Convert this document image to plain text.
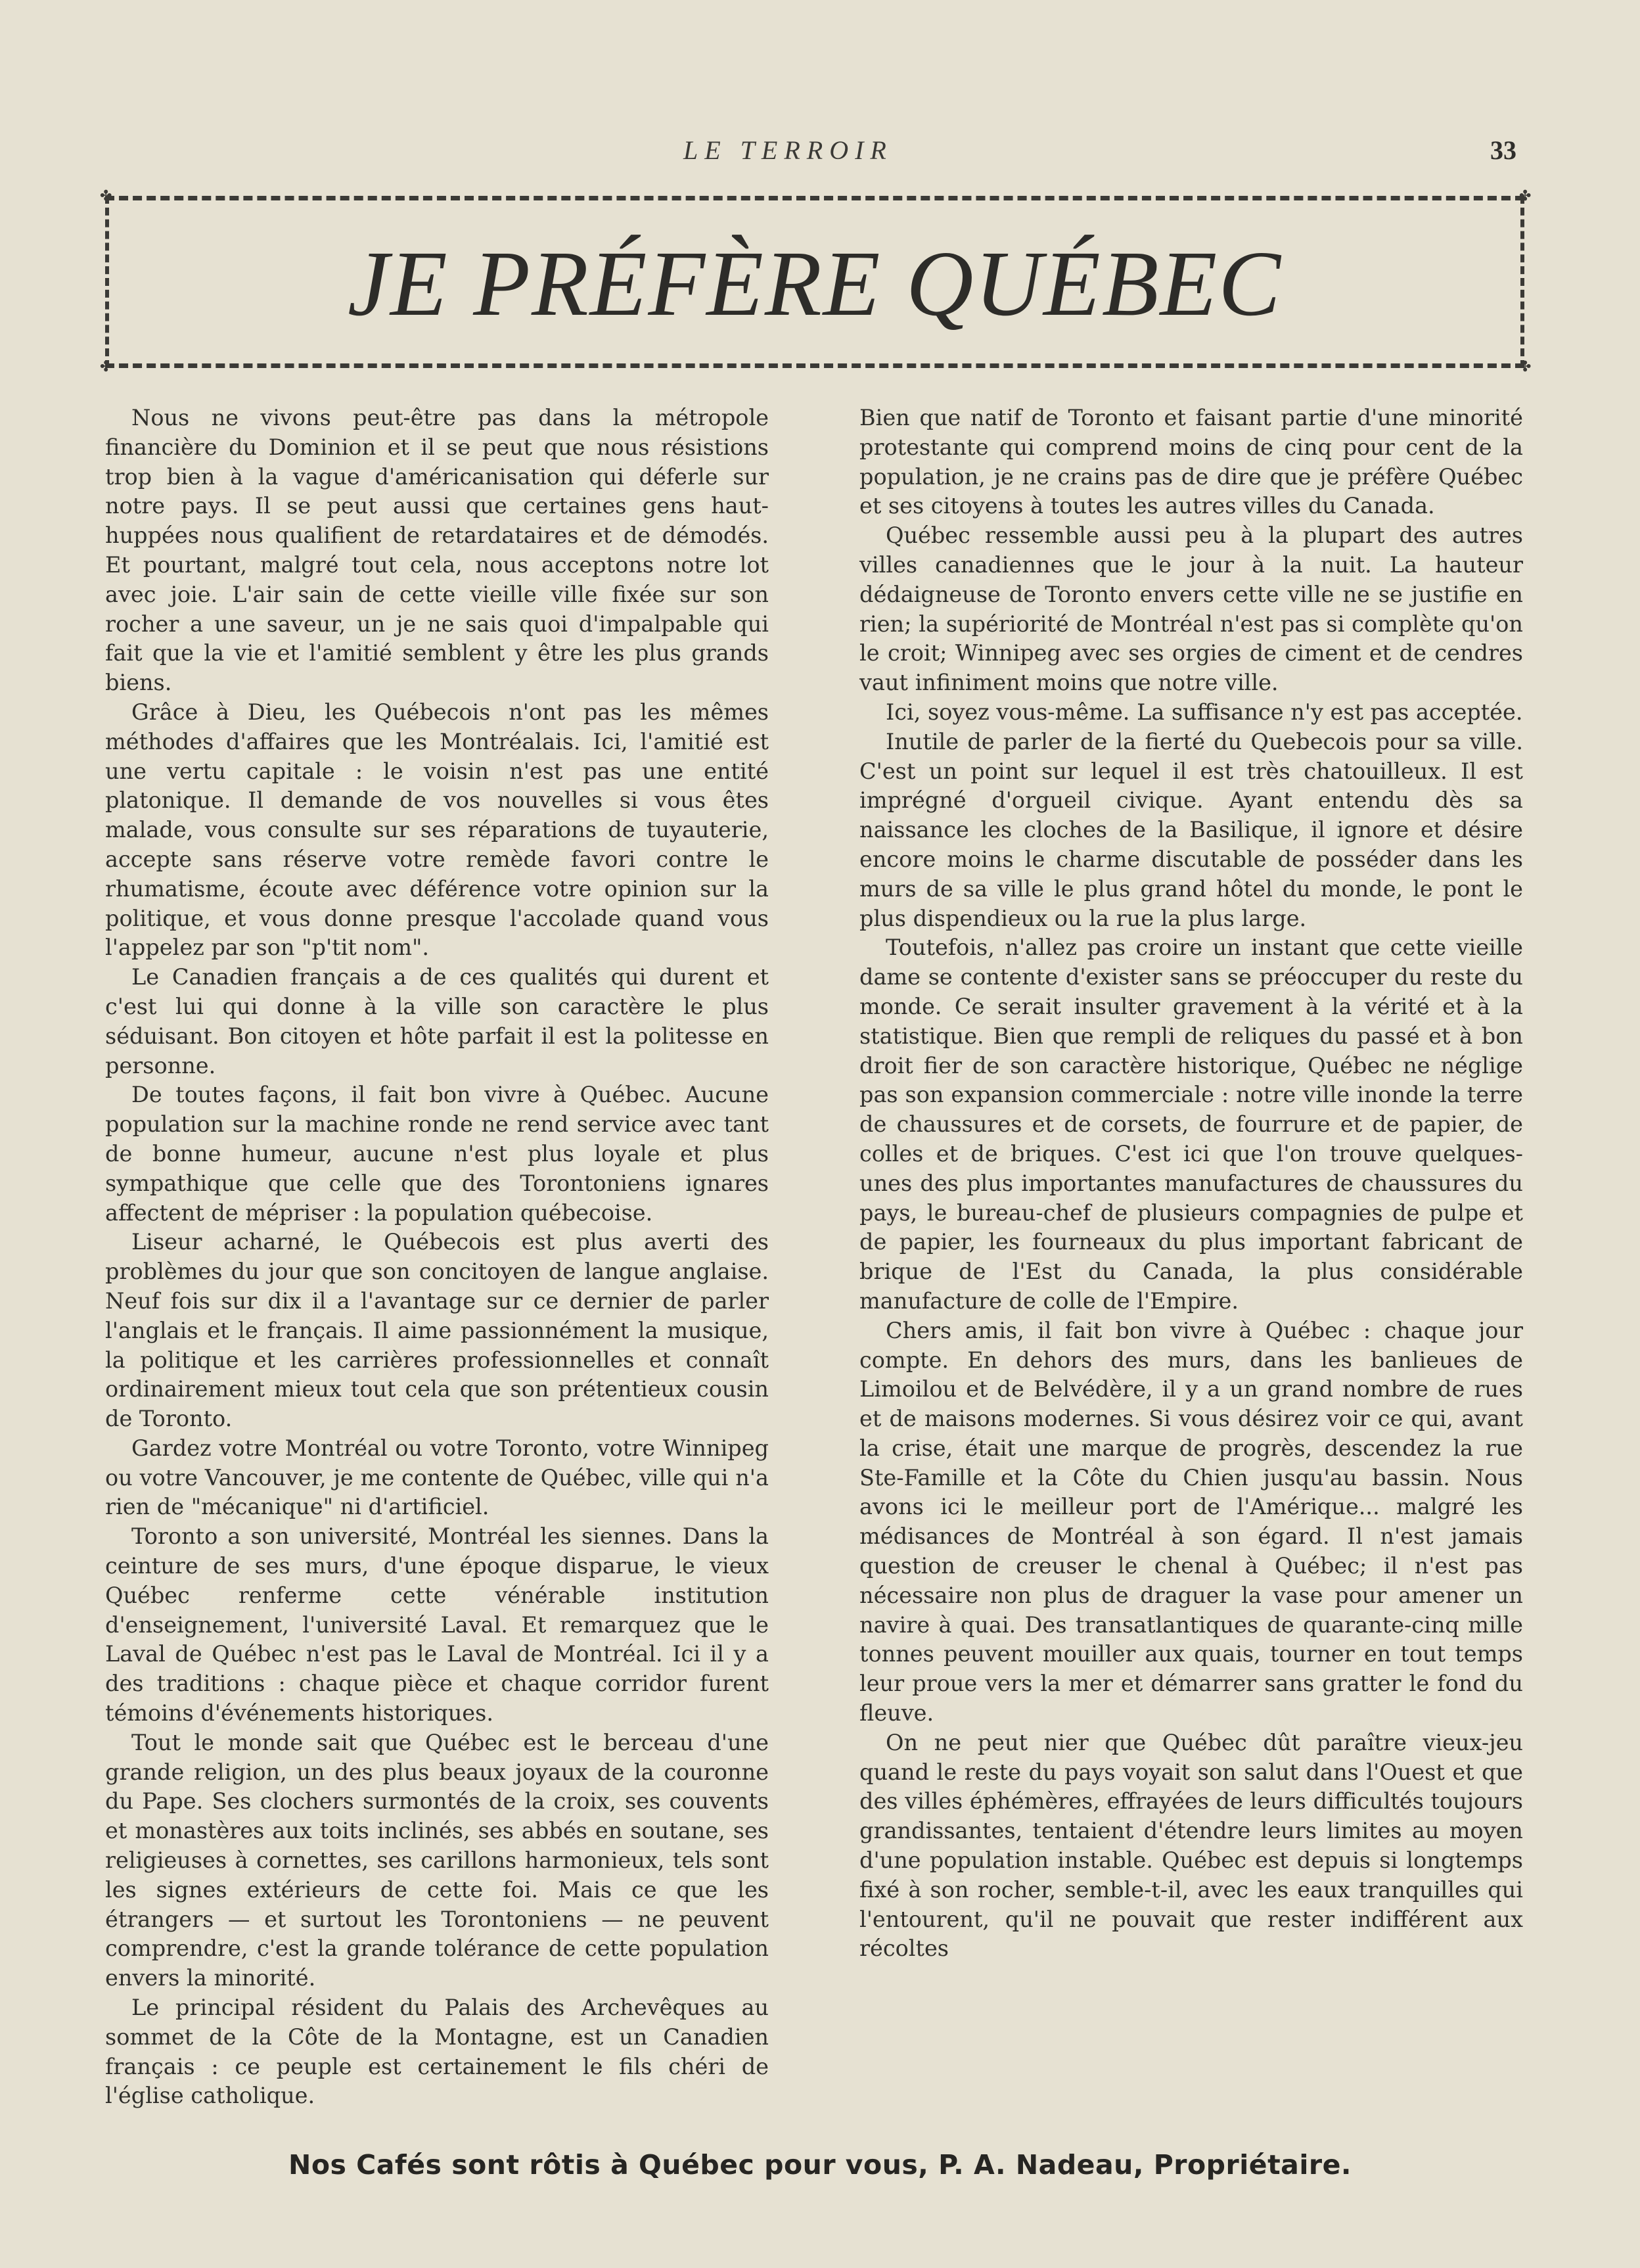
LE TERROIR	33
✤	✤
✤	✤
JE PRÉFÈRE QUÉBEC

Nous ne vivons peut-être pas dans la métropole financière du Dominion et il se peut que nous résistions trop bien à la vague d'américanisation qui déferle sur notre pays. Il se peut aussi que certaines gens haut-huppées nous qualifient de retardataires et de démodés. Et pourtant, malgré tout cela, nous acceptons notre lot avec joie. L'air sain de cette vieille ville fixée sur son rocher a une saveur, un je ne sais quoi d'impalpable qui fait que la vie et l'amitié semblent y être les plus grands biens.

Grâce à Dieu, les Québecois n'ont pas les mêmes méthodes d'affaires que les Montréalais. Ici, l'amitié est une vertu capitale : le voisin n'est pas une entité platonique. Il demande de vos nouvelles si vous êtes malade, vous consulte sur ses réparations de tuyauterie, accepte sans réserve votre remède favori contre le rhumatisme, écoute avec déférence votre opinion sur la politique, et vous donne presque l'accolade quand vous l'appelez par son "p'tit nom".

Le Canadien français a de ces qualités qui durent et c'est lui qui donne à la ville son caractère le plus séduisant. Bon citoyen et hôte parfait il est la politesse en personne.

De toutes façons, il fait bon vivre à Québec. Aucune population sur la machine ronde ne rend service avec tant de bonne humeur, aucune n'est plus loyale et plus sympathique que celle que des Torontoniens ignares affectent de mépriser : la population québecoise.

Liseur acharné, le Québecois est plus averti des problèmes du jour que son concitoyen de langue anglaise. Neuf fois sur dix il a l'avantage sur ce dernier de parler l'anglais et le français. Il aime passionnément la musique, la politique et les carrières professionnelles et connaît ordinairement mieux tout cela que son prétentieux cousin de Toronto.

Gardez votre Montréal ou votre Toronto, votre Winnipeg ou votre Vancouver, je me contente de Québec, ville qui n'a rien de "mécanique" ni d'artificiel.

Toronto a son université, Montréal les siennes. Dans la ceinture de ses murs, d'une époque disparue, le vieux Québec renferme cette vénérable institution d'enseignement, l'université Laval. Et remarquez que le Laval de Québec n'est pas le Laval de Montréal. Ici il y a des traditions : chaque pièce et chaque corridor furent témoins d'événements historiques.

Tout le monde sait que Québec est le berceau d'une grande religion, un des plus beaux joyaux de la couronne du Pape. Ses clochers surmontés de la croix, ses couvents et monastères aux toits inclinés, ses abbés en soutane, ses religieuses à cornettes, ses carillons harmonieux, tels sont les signes extérieurs de cette foi. Mais ce que les étrangers — et surtout les Torontoniens — ne peuvent comprendre, c'est la grande tolérance de cette population envers la minorité.

Le principal résident du Palais des Archevêques au sommet de la Côte de la Montagne, est un Canadien français : ce peuple est certainement le fils chéri de l'église catholique.

Bien que natif de Toronto et faisant partie d'une minorité protestante qui comprend moins de cinq pour cent de la population, je ne crains pas de dire que je préfère Québec et ses citoyens à toutes les autres villes du Canada.

Québec ressemble aussi peu à la plupart des autres villes canadiennes que le jour à la nuit. La hauteur dédaigneuse de Toronto envers cette ville ne se justifie en rien; la supériorité de Montréal n'est pas si complète qu'on le croit; Winnipeg avec ses orgies de ciment et de cendres vaut infiniment moins que notre ville.

Ici, soyez vous-même. La suffisance n'y est pas acceptée.

Inutile de parler de la fierté du Quebecois pour sa ville. C'est un point sur lequel il est très chatouilleux. Il est imprégné d'orgueil civique. Ayant entendu dès sa naissance les cloches de la Basilique, il ignore et désire encore moins le charme discutable de posséder dans les murs de sa ville le plus grand hôtel du monde, le pont le plus dispendieux ou la rue la plus large.

Toutefois, n'allez pas croire un instant que cette vieille dame se contente d'exister sans se préoccuper du reste du monde. Ce serait insulter gravement à la vérité et à la statistique. Bien que rempli de reliques du passé et à bon droit fier de son caractère historique, Québec ne néglige pas son expansion commerciale : notre ville inonde la terre de chaussures et de corsets, de fourrure et de papier, de colles et de briques. C'est ici que l'on trouve quelques-unes des plus importantes manufactures de chaussures du pays, le bureau-chef de plusieurs compagnies de pulpe et de papier, les fourneaux du plus important fabricant de brique de l'Est du Canada, la plus considérable manufacture de colle de l'Empire.

Chers amis, il fait bon vivre à Québec : chaque jour compte. En dehors des murs, dans les banlieues de Limoilou et de Belvédère, il y a un grand nombre de rues et de maisons modernes. Si vous désirez voir ce qui, avant la crise, était une marque de progrès, descendez la rue Ste-Famille et la Côte du Chien jusqu'au bassin. Nous avons ici le meilleur port de l'Amérique... malgré les médisances de Montréal à son égard. Il n'est jamais question de creuser le chenal à Québec; il n'est pas nécessaire non plus de draguer la vase pour amener un navire à quai. Des transatlantiques de quarante-cinq mille tonnes peuvent mouiller aux quais, tourner en tout temps leur proue vers la mer et démarrer sans gratter le fond du fleuve.

On ne peut nier que Québec dût paraître vieux-jeu quand le reste du pays voyait son salut dans l'Ouest et que des villes éphémères, effrayées de leurs difficultés toujours grandissantes, tentaient d'étendre leurs limites au moyen d'une population instable. Québec est depuis si longtemps fixé à son rocher, semble-t-il, avec les eaux tranquilles qui l'entourent, qu'il ne pouvait que rester indifférent aux récoltes

Nos Cafés sont rôtis à Québec pour vous, P. A. Nadeau, Propriétaire.
